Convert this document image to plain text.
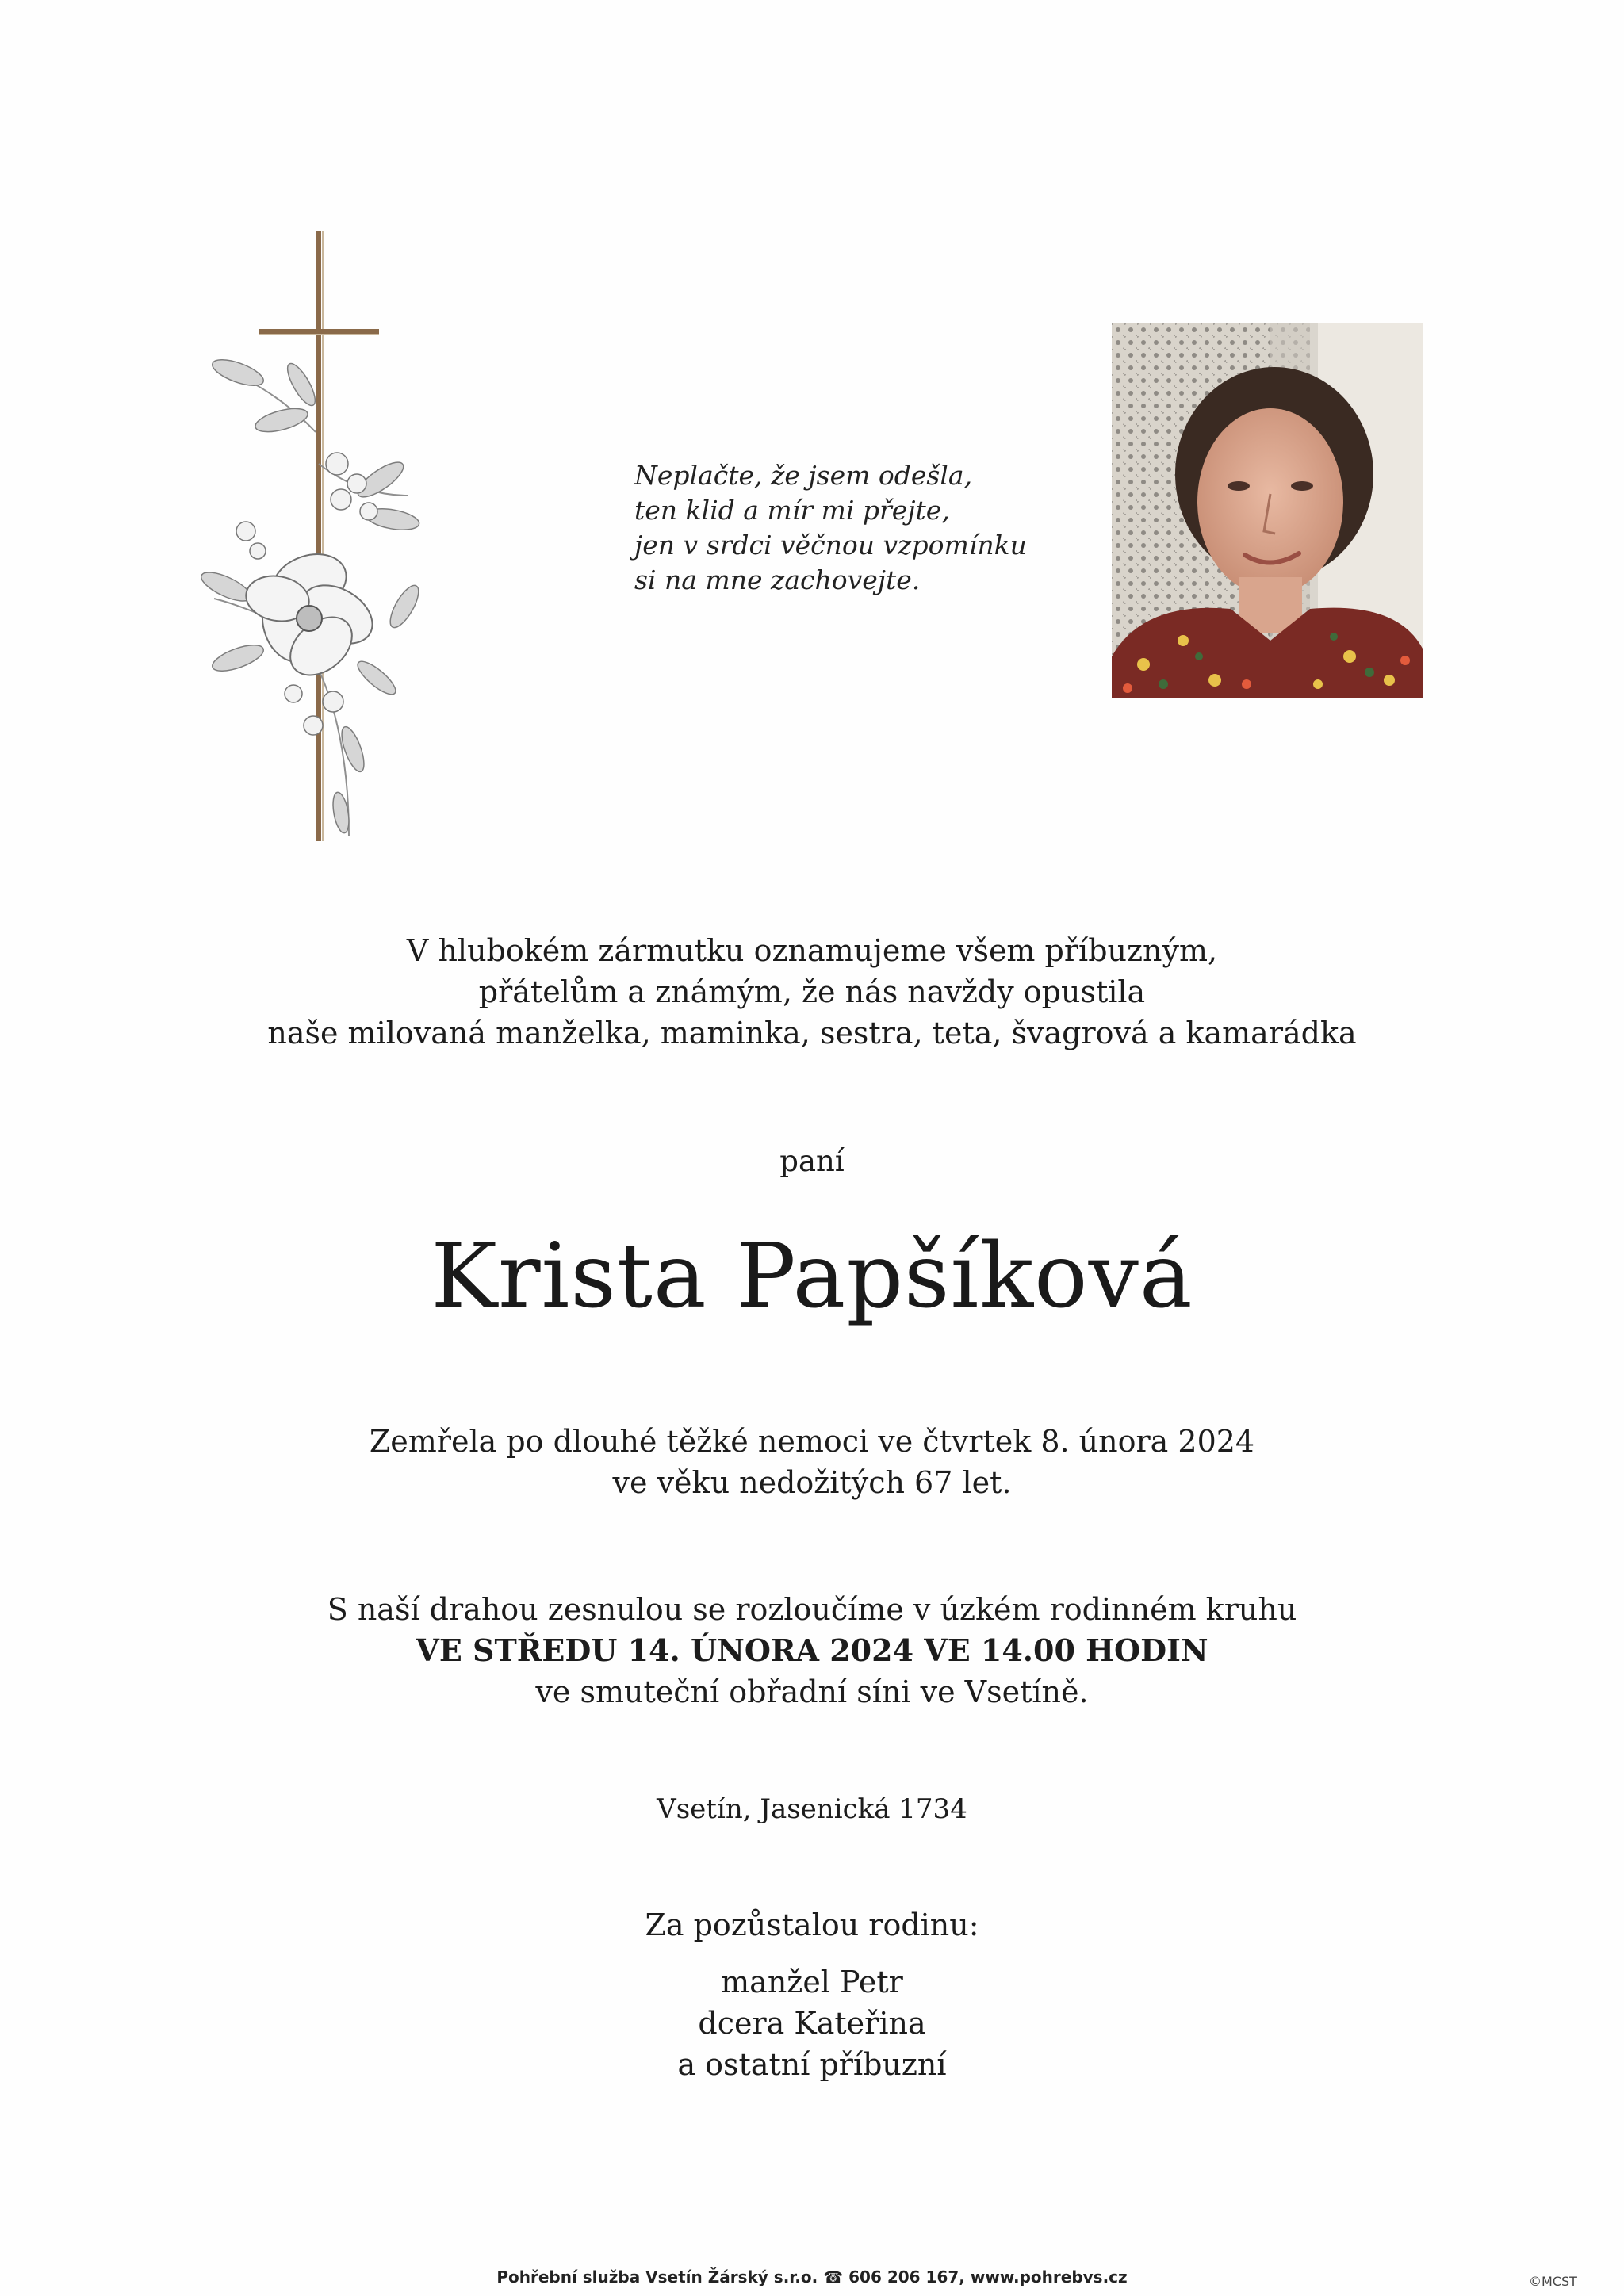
Neplačte, že jsem odešla,
ten klid a mír mi přejte,
jen v srdci věčnou vzpomínku
si na mne zachovejte.
V hlubokém zármutku oznamujeme všem příbuzným,
přátelům a známým, že nás navždy opustila
naše milovaná manželka, maminka, sestra, teta, švagrová a kamarádka
paní
Krista Papšíková
Zemřela po dlouhé těžké nemoci ve čtvrtek 8. února 2024
ve věku nedožitých 67 let.
S naší drahou zesnulou se rozloučíme v úzkém rodinném kruhu
VE STŘEDU 14. ÚNORA 2024 VE 14.00 HODIN
ve smuteční obřadní síni ve Vsetíně.
Vsetín, Jasenická 1734
Za pozůstalou rodinu:
manžel Petr
dcera Kateřina
a ostatní příbuzní
Pohřební služba Vsetín Žárský s.r.o. ☎ 606 206 167, www.pohrebvs.cz	©MCST
